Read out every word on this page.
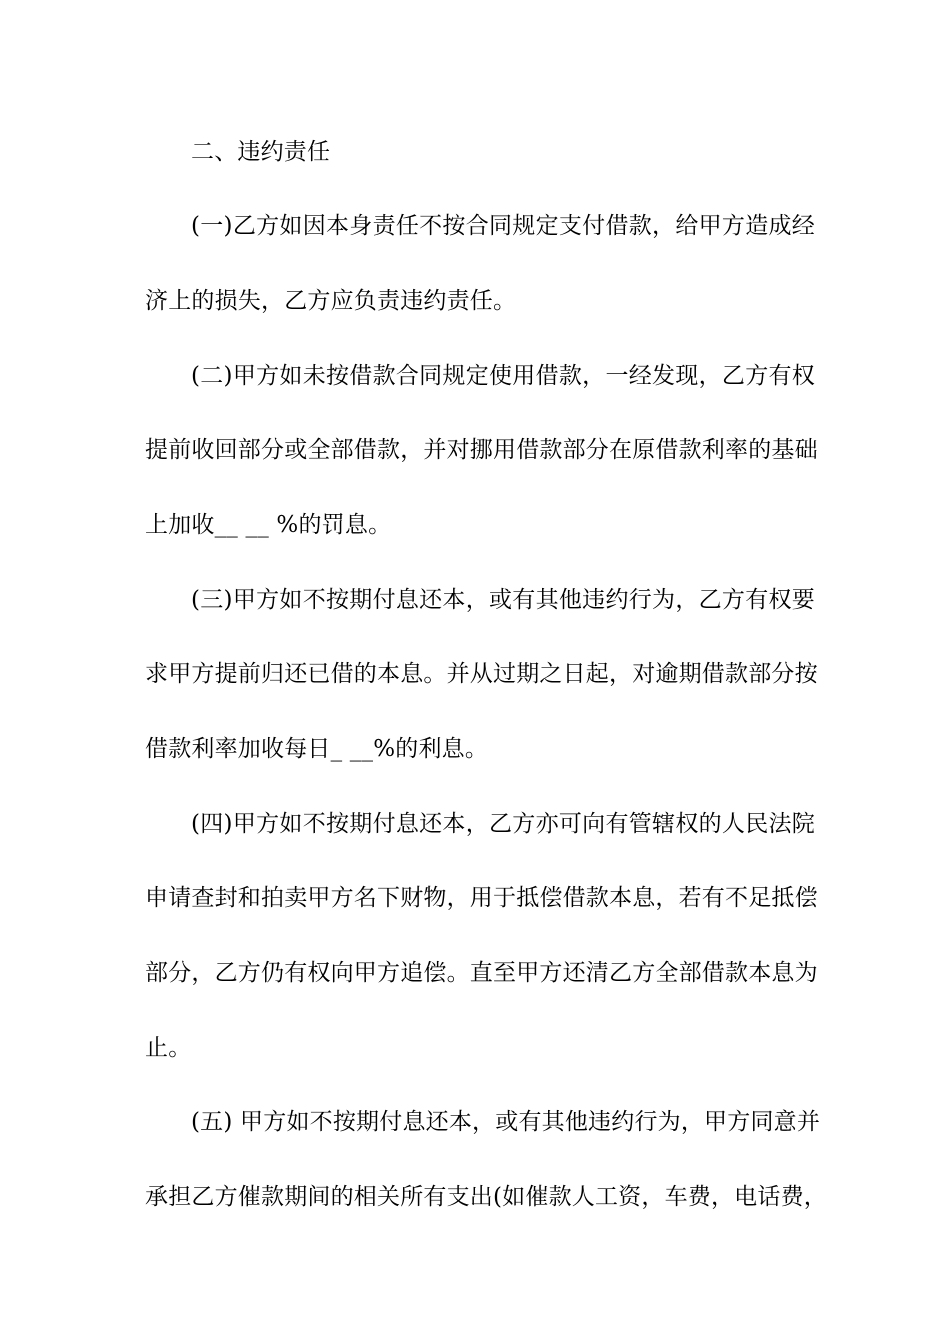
二、违约责任
(一)乙方如因本身责任不按合同规定支付借款，给甲方造成经
济上的损失，乙方应负责违约责任。
(二)甲方如未按借款合同规定使用借款，一经发现，乙方有权
提前收回部分或全部借款，并对挪用借款部分在原借款利率的基础
上加收__ __ %的罚息。
(三)甲方如不按期付息还本，或有其他违约行为，乙方有权要
求甲方提前归还已借的本息。并从过期之日起，对逾期借款部分按
借款利率加收每日_ __%的利息。
(四)甲方如不按期付息还本，乙方亦可向有管辖权的人民法院
申请查封和拍卖甲方名下财物，用于抵偿借款本息，若有不足抵偿
部分，乙方仍有权向甲方追偿。直至甲方还清乙方全部借款本息为
止。
(五) 甲方如不按期付息还本，或有其他违约行为，甲方同意并
承担乙方催款期间的相关所有支出(如催款人工资，车费，电话费，
